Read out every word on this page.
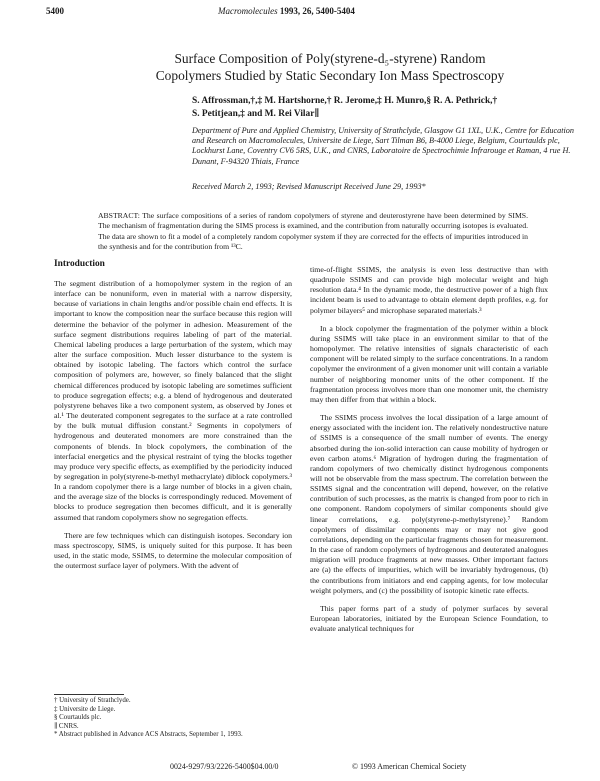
5400	Macromolecules 1993, 26, 5400-5404
Surface Composition of Poly(styrene-d₅-styrene) Random
Copolymers Studied by Static Secondary Ion Mass Spectroscopy
S. Affrossman,†,‡ M. Hartshorne,† R. Jerome,‡ H. Munro,§ R. A. Pethrick,†
S. Petitjean,‡ and M. Rei Vilar∥
Department of Pure and Applied Chemistry, University of Strathclyde, Glasgow G1 1XL, U.K., Centre for Education and Research on Macromolecules, Universite de Liege, Sart Tilman B6, B-4000 Liege, Belgium, Courtaulds plc, Lockhurst Lane, Coventry CV6 5RS, U.K., and CNRS, Laboratoire de Spectrochimie Infrarouge et Raman, 4 rue H. Dunant, F-94320 Thiais, France
Received March 2, 1993; Revised Manuscript Received June 29, 1993*
ABSTRACT: The surface compositions of a series of random copolymers of styrene and deuterostyrene have been determined by SIMS. The mechanism of fragmentation during the SIMS process is examined, and the contribution from naturally occurring isotopes is evaluated. The data are shown to fit a model of a completely random copolymer system if they are corrected for the effects of impurities introduced in the synthesis and for the contribution from ¹³C.
Introduction

The segment distribution of a homopolymer system in the region of an interface can be nonuniform, even in material with a narrow dispersity, because of variations in chain lengths and/or possible chain end effects. It is important to know the composition near the surface because this region will determine the behavior of the polymer in adhesion. Measurement of the surface segment distributions requires labeling of part of the material. Chemical labeling produces a large perturbation of the system, which may alter the surface composition. Much lesser disturbance to the system is obtained by isotopic labeling. The factors which control the surface composition of polymers are, however, so finely balanced that the slight chemical differences produced by isotopic labeling are sometimes sufficient to produce segregation effects; e.g. a blend of hydrogenous and deuterated polystyrene behaves like a two component system, as observed by Jones et al.¹ The deuterated component segregates to the surface at a rate controlled by the bulk mutual diffusion constant.² Segments in copolymers of hydrogenous and deuterated monomers are more constrained than the components of blends. In block copolymers, the combination of the interfacial energetics and the physical restraint of tying the blocks together may produce very specific effects, as exemplified by the periodicity induced by segregation in poly(styrene-b-methyl methacrylate) diblock copolymers.³ In a random copolymer there is a large number of blocks in a given chain, and the average size of the blocks is correspondingly reduced. Movement of blocks to produce segregation then becomes difficult, and it is generally assumed that random copolymers show no segregation effects.

There are few techniques which can distinguish isotopes. Secondary ion mass spectroscopy, SIMS, is uniquely suited for this purpose. It has been used, in the static mode, SSIMS, to determine the molecular composition of the outermost surface layer of polymers. With the advent of

time-of-flight SSIMS, the analysis is even less destructive than with quadrupole SSIMS and can provide high molecular weight and high resolution data.⁴ In the dynamic mode, the destructive power of a high flux incident beam is used to advantage to obtain element depth profiles, e.g. for polymer bilayers⁵ and microphase separated materials.³

In a block copolymer the fragmentation of the polymer within a block during SSIMS will take place in an environment similar to that of the homopolymer. The relative intensities of signals characteristic of each component will be related simply to the surface concentrations. In a random copolymer the environment of a given monomer unit will contain a variable number of neighboring monomer units of the other component. If the fragmentation process involves more than one monomer unit, the chemistry may then differ from that within a block.

The SSIMS process involves the local dissipation of a large amount of energy associated with the incident ion. The relatively nondestructive nature of SSIMS is a consequence of the small number of events. The energy absorbed during the ion-solid interaction can cause mobility of hydrogen or even carbon atoms.⁶ Migration of hydrogen during the fragmentation of random copolymers of two chemically distinct hydrogenous components will not be observable from the mass spectrum. The correlation between the SSIMS signal and the concentration will depend, however, on the relative contribution of such processes, as the matrix is changed from poor to rich in one component. Random copolymers of similar components should give linear correlations, e.g. poly(styrene-p-methylstyrene).⁷ Random copolymers of dissimilar components may or may not give good correlations, depending on the particular fragments chosen for measurement. In the case of random copolymers of hydrogenous and deuterated analogues migration will produce fragments at new masses. Other important factors are (a) the effects of impurities, which will be invariably hydrogenous, (b) the contributions from initiators and end capping agents, for low molecular weight polymers, and (c) the possibility of isotopic kinetic rate effects.

This paper forms part of a study of polymer surfaces by several European laboratories, initiated by the European Science Foundation, to evaluate analytical techniques for

† University of Strathclyde.
‡ Universite de Liege.
§ Courtaulds plc.
∥ CNRS.
* Abstract published in Advance ACS Abstracts, September 1, 1993.
0024-9297/93/2226-5400$04.00/0	© 1993 American Chemical Society
